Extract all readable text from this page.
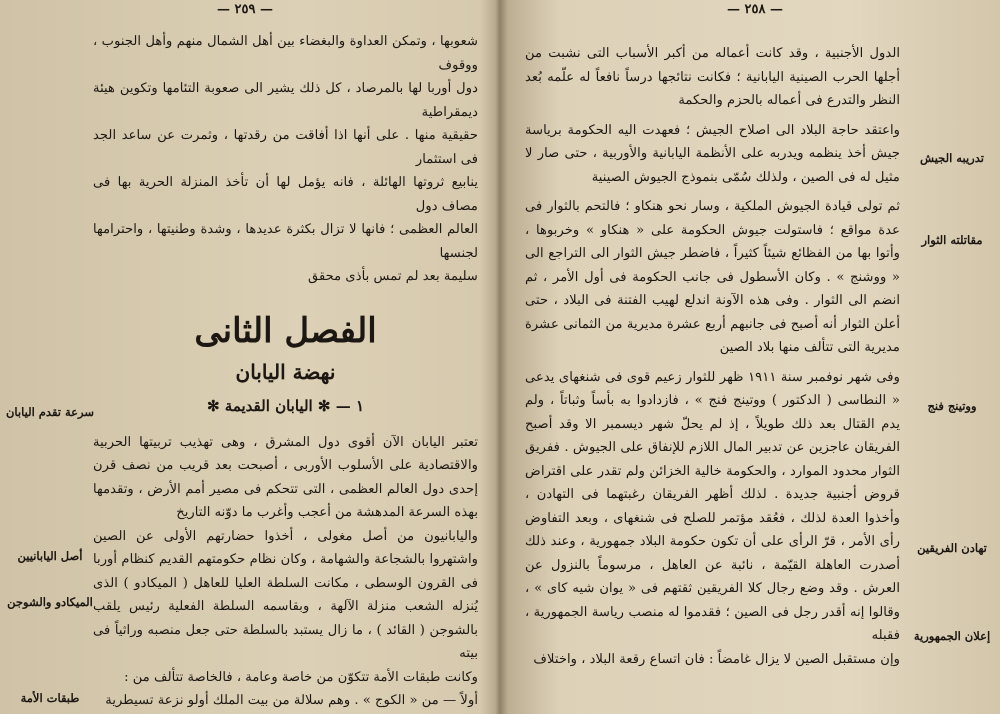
— ٢٥٩ —

شعوبها ، وتمكن العداوة والبغضاء بين أهل الشمال منهم وأهل الجنوب ، ووقوف

دول أوربا لها بالمرصاد ، كل ذلك يشير الى صعوبة التئامها وتكوين هيئة ديمقراطية

حقيقية منها . على أنها اذا أفاقت من رقدتها ، وثمرت عن ساعد الجد فى استثمار

ينابيع ثروتها الهائلة ، فانه يؤمل لها أن تأخذ المنزلة الحرية بها فى مصاف دول

العالم العظمى ؛ فانها لا تزال بكثرة عديدها ، وشدة وطنيتها ، واحترامها لجنسها

سليمة بعد لم تمس بأذى محقق

الفصل الثانى
نهضة اليابان
١ — ✻ اليابان القديمة ✻

تعتبر اليابان الآن أقوى دول المشرق ، وهى تهذيب تربيتها الحربية والاقتصادية على الأسلوب الأوربى ، أصبحت بعد قريب من نصف قرن إحدى دول العالم العظمى ، التى تتحكم فى مصير أمم الأرض ، وتقدمها بهذه السرعة المدهشة من أعجب وأغرب ما دوّنه التاريخ

واليابانيون من أصل مغولى ، أخذوا حضارتهم الأولى عن الصين واشتهروا بالشجاعة والشهامة ، وكان نظام حكومتهم القديم كنظام أوربا فى القرون الوسطى ، مكانت السلطة العليا للعاهل ( الميكادو ) الذى يُنزله الشعب منزلة الآلهة ، وبقاسمه السلطة الفعلية رئيس يلقب بالشوجن ( القائد ) ، ما زال يستبد بالسلطة حتى جعل منصبه وراثياً فى بيته

وكانت طبقات الأمة تتكوّن من خاصة وعامة ، فالخاصة تتألف من :

أولاً — من « الكوج » . وهم سلالة من بيت الملك أولو نزعة تسيطرية

سرعة تقدم اليابان
أصل اليابانيين
الميكادو والشوجن
طبقات الأمة
— ٢٥٨ —

الدول الأجنبية ، وقد كانت أعماله من أكبر الأسباب التى نشبت من أجلها الحرب الصينية اليابانية ؛ فكانت نتائجها درساً نافعاً له علّمه بُعد النظر والتدرع فى أعماله بالحزم والحكمة

واعتقد حاجة البلاد الى اصلاح الجيش ؛ فعهدت اليه الحكومة برياسة جيش أخذ ينظمه ويدربه على الأنظمة اليابانية والأوربية ، حتى صار لا مثيل له فى الصين ، ولذلك سُمّى بنموذج الجيوش الصينية

ثم تولى قيادة الجيوش الملكية ، وسار نحو هنكاو ؛ فالتحم بالثوار فى عدة مواقع ؛ فاستولت جيوش الحكومة على « هنكاو » وخربوها ، وأتوا بها من الفظائع شيئاً كثيراً ، فاضطر جيش الثوار الى التراجع الى « ووشنج » . وكان الأسطول فى جانب الحكومة فى أول الأمر ، ثم انضم الى الثوار . وفى هذه الآونة اندلع لهيب الفتنة فى البلاد ، حتى أعلن الثوار أنه أصبح فى جانبهم أربع عشرة مديرية من الثمانى عشرة مديرية التى تتألف منها بلاد الصين

وفى شهر نوفمبر سنة ١٩١١ ظهر للثوار زعيم قوى فى شنغهاى يدعى « النطاسى ( الدكتور ) ووتينج فنج » ، فازدادوا به بأساً وثباتاً ، ولم يدم القتال بعد ذلك طويلاً ، إذ لم يحلّ شهر ديسمبر الا وقد أصبح الفريقان عاجزين عن تدبير المال اللازم للإنفاق على الجيوش . ففريق الثوار محدود الموارد ، والحكومة خالية الخزائن ولم تقدر على اقتراض قروض أجنبية جديدة . لذلك أظهر الفريقان رغبتهما فى التهادن ، وأخذوا العدة لذلك ، فعُقد مؤتمر للصلح فى شنغهاى ، وبعد التفاوض رأى الأمر ، قرّ الرأى على أن تكون حكومة البلاد جمهورية ، وعند ذلك أصدرت العاهلة القيّمة ، نائبة عن العاهل ، مرسوماً بالنزول عن العرش . وقد وضع رجال كلا الفريقين ثقتهم فى « يوان شيه كاى » ، وقالوا إنه أقدر رجل فى الصين ؛ فقدموا له منصب رياسة الجمهورية ، فقبله

وإن مستقبل الصين لا يزال غامضاً : فان اتساع رقعة البلاد ، واختلاف

تدريبه الجيش
مقاتلته الثوار
ووتينج فنج
تهادن الفريقين
إعلان الجمهورية
